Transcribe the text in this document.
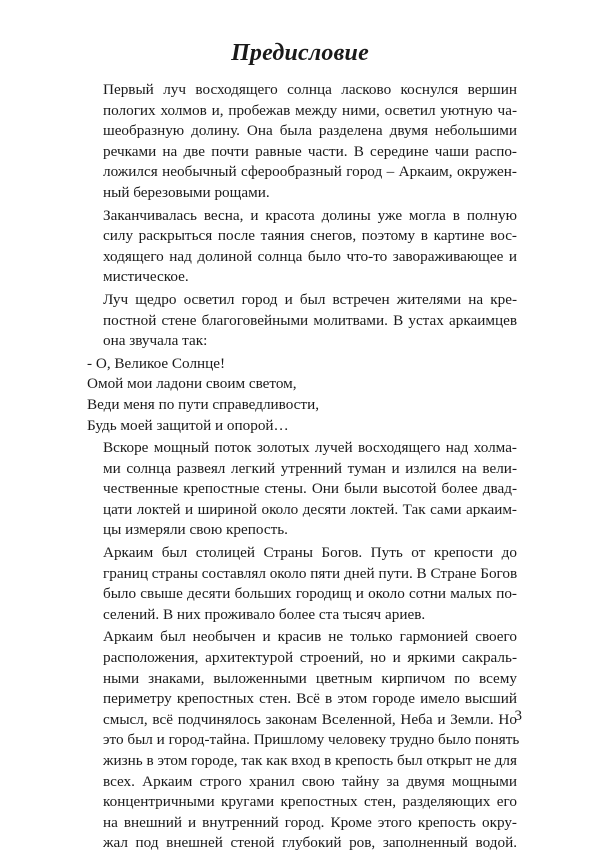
Предисловие

Первый луч восходящего солнца ласково коснулся вершин
пологих холмов и, пробежав между ними, осветил уютную ча-
шеобразную долину. Она была разделена двумя небольшими
речками на две почти равные части. В середине чаши распо-
ложился необычный сферообразный город – Аркаим, окружен-
ный березовыми рощами.

Заканчивалась весна, и красота долины уже могла в полную
силу раскрыться после таяния снегов, поэтому в картине вос-
ходящего над долиной солнца было что-то завораживающее и
мистическое.

Луч щедро осветил город и был встречен жителями на кре-
постной стене благоговейными молитвами. В устах аркаимцев
она звучала так:

- О, Великое Солнце!

Омой мои ладони своим светом,

Веди меня по пути справедливости,

Будь моей защитой и опорой…

Вскоре мощный поток золотых лучей восходящего над холма-
ми солнца развеял легкий утренний туман и излился на вели-
чественные крепостные стены. Они были высотой более двад-
цати локтей и шириной около десяти локтей. Так сами аркаим-
цы измеряли свою крепость.

Аркаим был столицей Страны Богов. Путь от крепости до
границ страны составлял около пяти дней пути. В Стране Богов
было свыше десяти больших городищ и около сотни малых по-
селений. В них проживало более ста тысяч ариев.

Аркаим был необычен и красив не только гармонией своего
расположения, архитектурой строений, но и яркими сакраль-
ными знаками, выложенными цветным кирпичом по всему
периметру крепостных стен. Всё в этом городе имело высший
смысл, всё подчинялось законам Вселенной, Неба и Земли. Но
это был и город-тайна. Пришлому человеку трудно было понять
жизнь в этом городе, так как вход в крепость был открыт не для
всех. Аркаим строго хранил свою тайну за двумя мощными
концентричными кругами крепостных стен, разделяющих его
на внешний и внутренний город. Кроме этого крепость окру-
жал под внешней стеной глубокий ров, заполненный водой.

3
